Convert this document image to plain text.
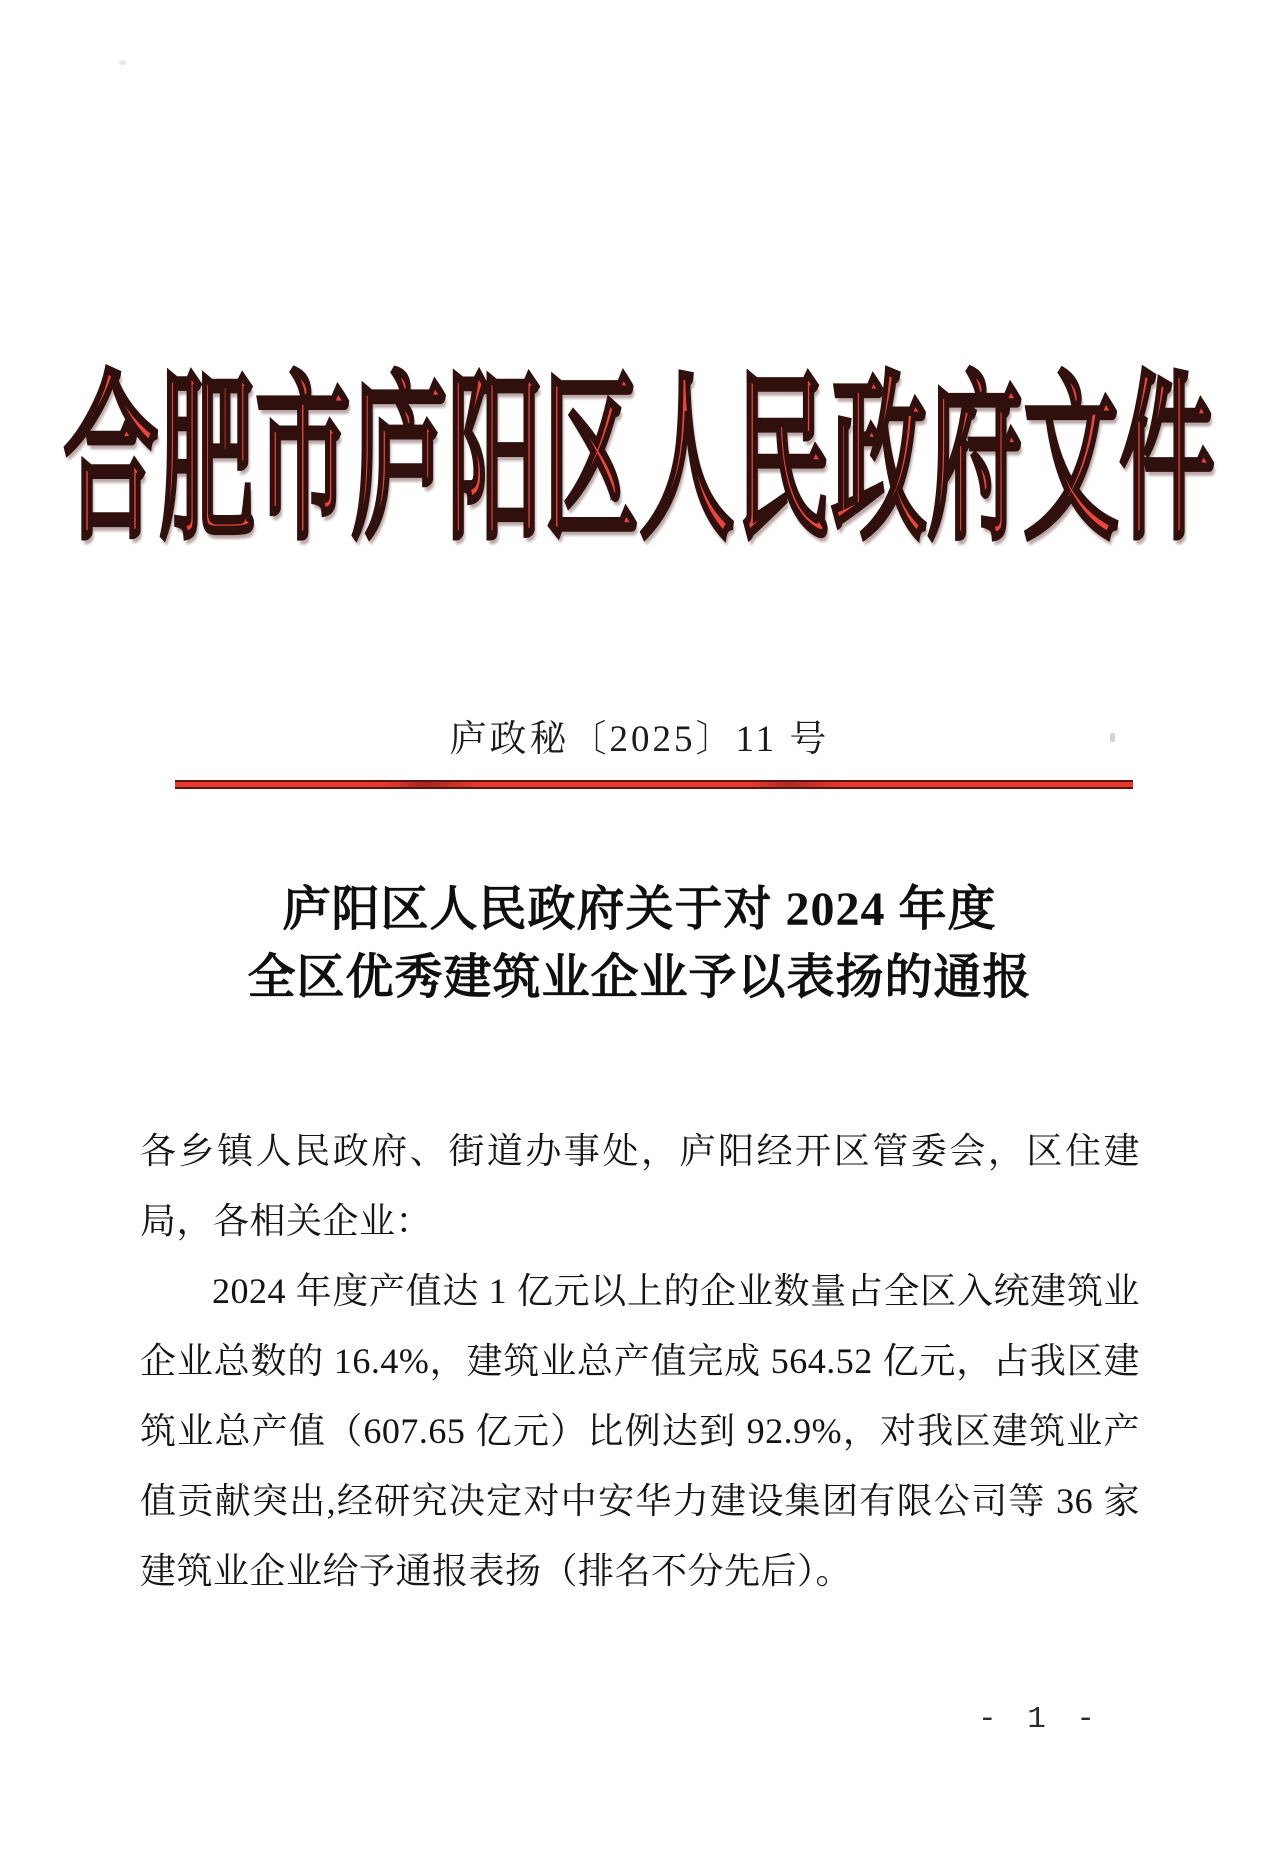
合肥市庐阳区人民政府文件
庐政秘〔2025〕11 号
庐阳区人民政府关于对 2024 年度
全区优秀建筑业企业予以表扬的通报

各乡镇人民政府、街道办事处，庐阳经开区管委会，区住建局，各相关企业：

2024 年度产值达 1 亿元以上的企业数量占全区入统建筑业企业总数的 16.4%，建筑业总产值完成 564.52 亿元，占我区建筑业总产值（607.65 亿元）比例达到 92.9%，对我区建筑业产值贡献突出,经研究决定对中安华力建设集团有限公司等 36 家建筑业企业给予通报表扬（排名不分先后）。

- 1 -
